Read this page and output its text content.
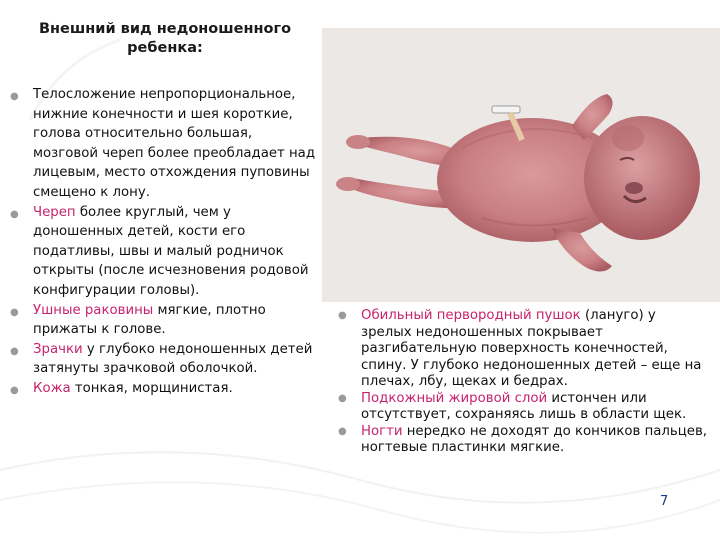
Внешний вид недоношенного
ребенка:
● Телосложение непропорциональное, нижние конечности и шея короткие, голова относительно большая, мозговой череп более преобладает над лицевым, место отхождения пуповины смещено к лону.
● Череп более круглый, чем у доношенных детей, кости его податливы, швы и малый родничок открыты (после исчезновения родовой конфигурации головы).
● Ушные раковины мягкие, плотно прижаты к голове.
● Зрачки у глубоко недоношенных детей затянуты зрачковой оболочкой.
● Кожа тонкая, морщинистая.
● Обильный первородный пушок (лануго) у зрелых недоношенных покрывает разгибательную поверхность конечностей, спину. У глубоко недоношенных детей – еще на плечах, лбу, щеках и бедрах.
● Подкожный жировой слой истончен или отсутствует, сохраняясь лишь в области щек.
● Ногти нередко не доходят до кончиков пальцев, ногтевые пластинки мягкие.
7
